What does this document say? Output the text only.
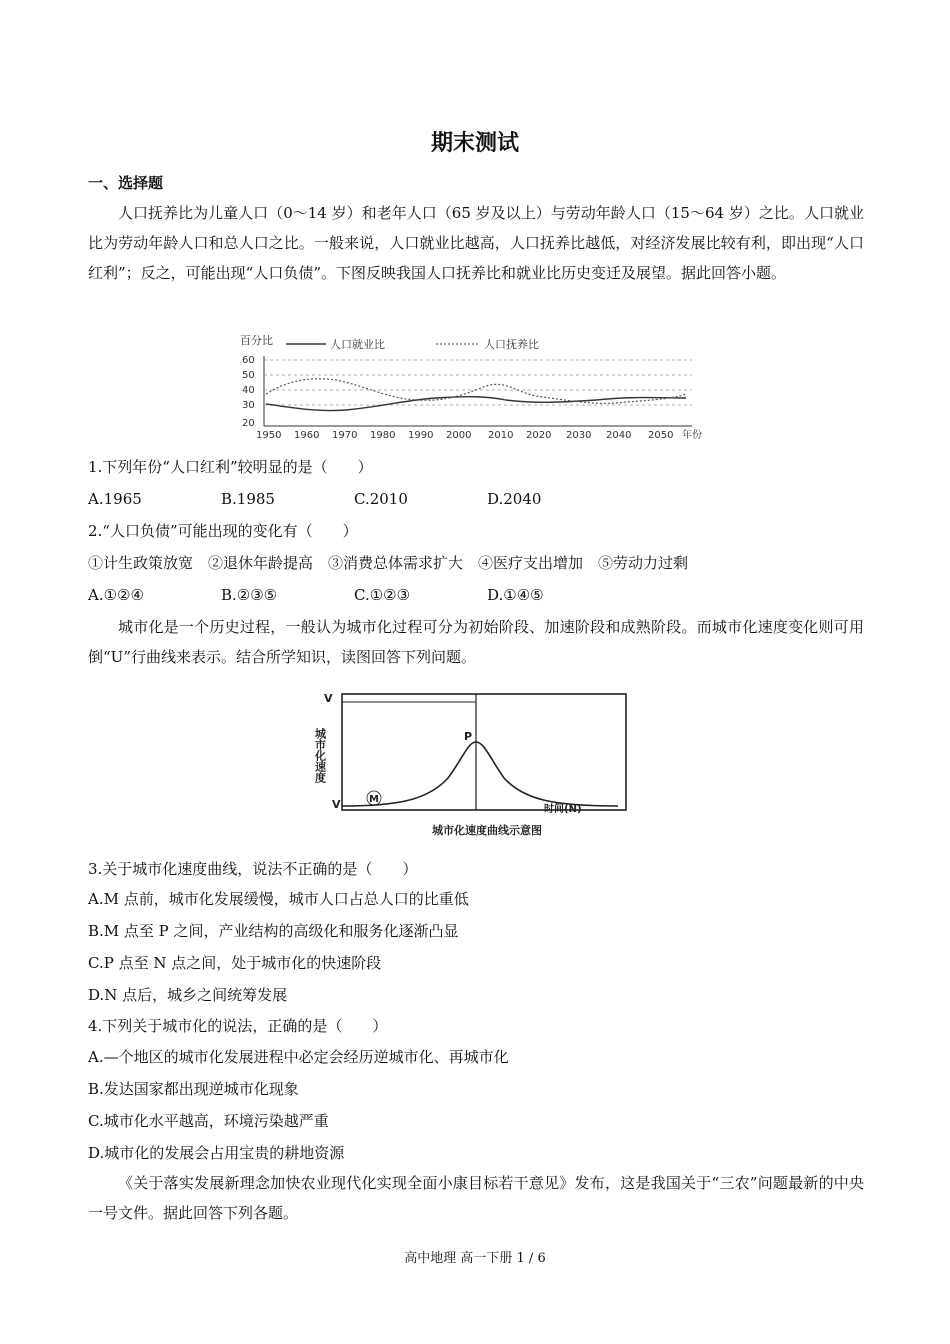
期末测试
一、选择题
人口抚养比为儿童人口（0～14 岁）和老年人口（65 岁及以上）与劳动年龄人口（15～64 岁）之比。人口就业比为劳动年龄人口和总人口之比。一般来说，人口就业比越高，人口抚养比越低，对经济发展比较有利，即出现“人口红利”；反之，可能出现“人口负债”。下图反映我国人口抚养比和就业比历史变迁及展望。据此回答小题。
百分比	人口就业比	人口抚养比
60
50
40
30
20
1950 1960 1970 1980 1990 2000 2010 2020 2030 2040 2050 年份
1.下列年份“人口红利”较明显的是（　　）
A.1965	B.1985	C.2010	D.2040
2.“人口负债”可能出现的变化有（　　）
①计生政策放宽　②退休年龄提高　③消费总体需求扩大　④医疗支出增加　⑤劳动力过剩
A.①②④	B.②③⑤	C.①②③	D.①④⑤
城市化是一个历史过程，一般认为城市化过程可分为初始阶段、加速阶段和成熟阶段。而城市化速度变化则可用倒“U”行曲线来表示。结合所学知识，读图回答下列问题。
V
V
城市化速度	P
M
时间(N)
城市化速度曲线示意图
3.关于城市化速度曲线，说法不正确的是（　　）
A.M 点前，城市化发展缓慢，城市人口占总人口的比重低
B.M 点至 P 之间，产业结构的高级化和服务化逐渐凸显
C.P 点至 N 点之间，处于城市化的快速阶段
D.N 点后，城乡之间统筹发展
4.下列关于城市化的说法，正确的是（　　）
A.—个地区的城市化发展进程中必定会经历逆城市化、再城市化
B.发达国家都出现逆城市化现象
C.城市化水平越高，环境污染越严重
D.城市化的发展会占用宝贵的耕地资源
《关于落实发展新理念加快农业现代化实现全面小康目标若干意见》发布，这是我国关于“三农”问题最新的中央一号文件。据此回答下列各题。
高中地理 高一下册 1 / 6
